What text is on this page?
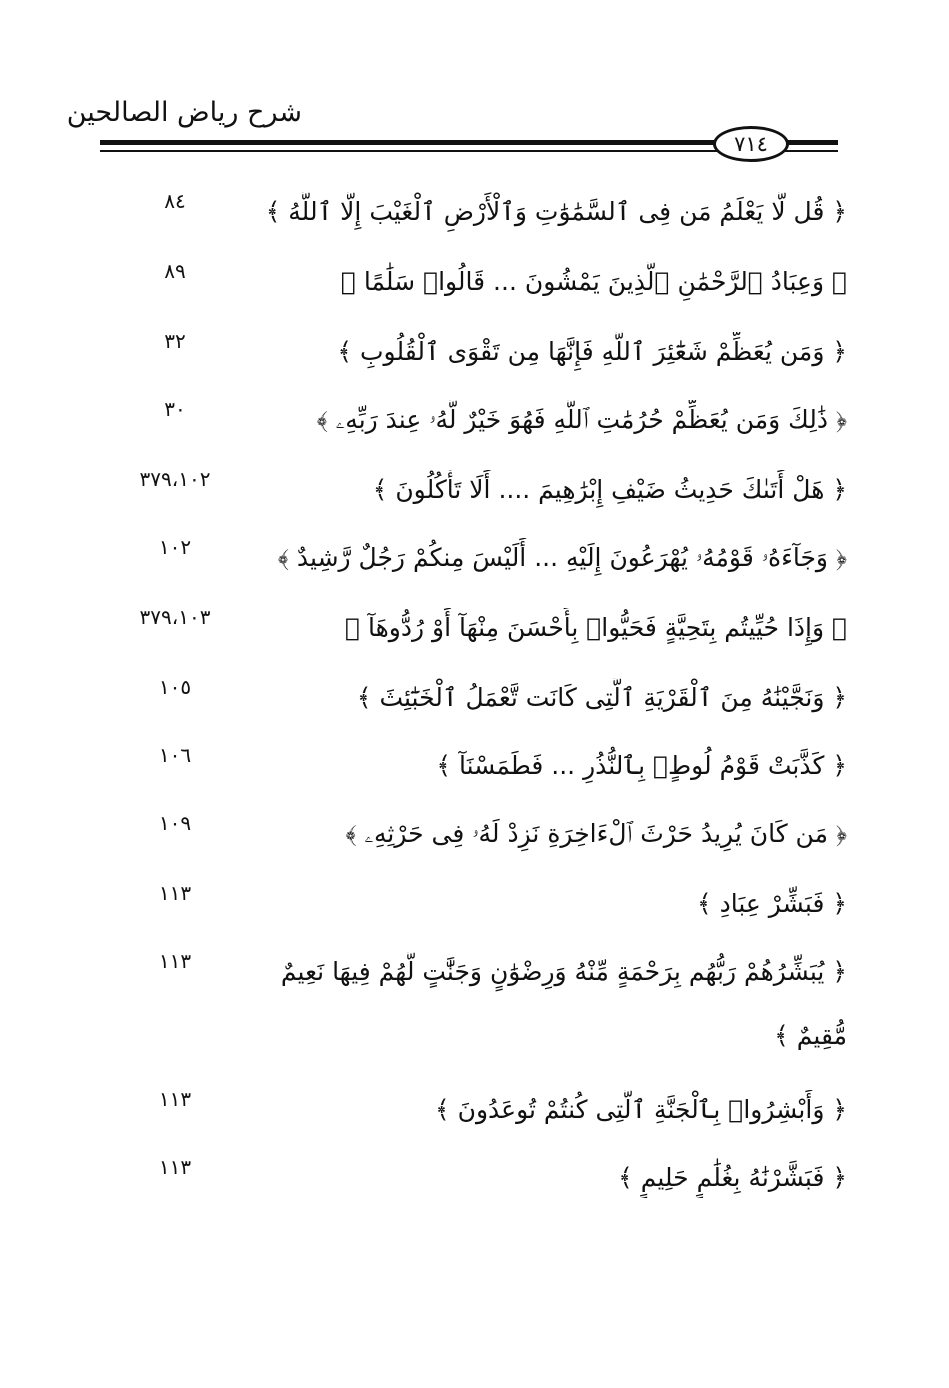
شرح رياض الصالحين
٧١٤
﴿ قُل لَّا يَعْلَمُ مَن فِى ٱلسَّمَٰوَٰتِ وَٱلْأَرْضِ ٱلْغَيْبَ إِلَّا ٱللَّهُ ﴾
٨٤
﴿ وَعِبَادُ ٱلرَّحْمَٰنِ ٱلَّذِينَ يَمْشُونَ ... قَالُوا۟ سَلَٰمًا ﴾
٨٩
﴿ وَمَن يُعَظِّمْ شَعَٰٓئِرَ ٱللَّهِ فَإِنَّهَا مِن تَقْوَى ٱلْقُلُوبِ ﴾
٣٢
﴿ ذَٰلِكَ وَمَن يُعَظِّمْ حُرُمَٰتِ ٱللَّهِ فَهُوَ خَيْرٌ لَّهُۥ عِندَ رَبِّهِۦ ﴾
٣٠
﴿ هَلْ أَتَىٰكَ حَدِيثُ ضَيْفِ إِبْرَٰهِيمَ .... أَلَا تَأْكُلُونَ ﴾
٣٧٩،١٠٢
﴿ وَجَآءَهُۥ قَوْمُهُۥ يُهْرَعُونَ إِلَيْهِ ... أَلَيْسَ مِنكُمْ رَجُلٌ رَّشِيدٌ ﴾
١٠٢
﴿ وَإِذَا حُيِّيتُم بِتَحِيَّةٍ فَحَيُّوا۟ بِأَحْسَنَ مِنْهَآ أَوْ رُدُّوهَآ ﴾
٣٧٩،١٠٣
﴿ وَنَجَّيْنَٰهُ مِنَ ٱلْقَرْيَةِ ٱلَّتِى كَانَت تَّعْمَلُ ٱلْخَبَٰٓئِثَ ﴾
١٠٥
﴿ كَذَّبَتْ قَوْمُ لُوطٍۭ بِٱلنُّذُرِ ... فَطَمَسْنَآ ﴾
١٠٦
﴿ مَن كَانَ يُرِيدُ حَرْثَ ٱلْءَاخِرَةِ نَزِدْ لَهُۥ فِى حَرْثِهِۦ ﴾
١٠٩
﴿ فَبَشِّرْ عِبَادِ ﴾
١١٣
﴿ يُبَشِّرُهُمْ رَبُّهُم بِرَحْمَةٍ مِّنْهُ وَرِضْوَٰنٍ وَجَنَّٰتٍ لَّهُمْ فِيهَا نَعِيمٌ
مُّقِيمٌ ﴾
١١٣
﴿ وَأَبْشِرُوا۟ بِٱلْجَنَّةِ ٱلَّتِى كُنتُمْ تُوعَدُونَ ﴾
١١٣
﴿ فَبَشَّرْنَٰهُ بِغُلَٰمٍ حَلِيمٍ ﴾
١١٣
